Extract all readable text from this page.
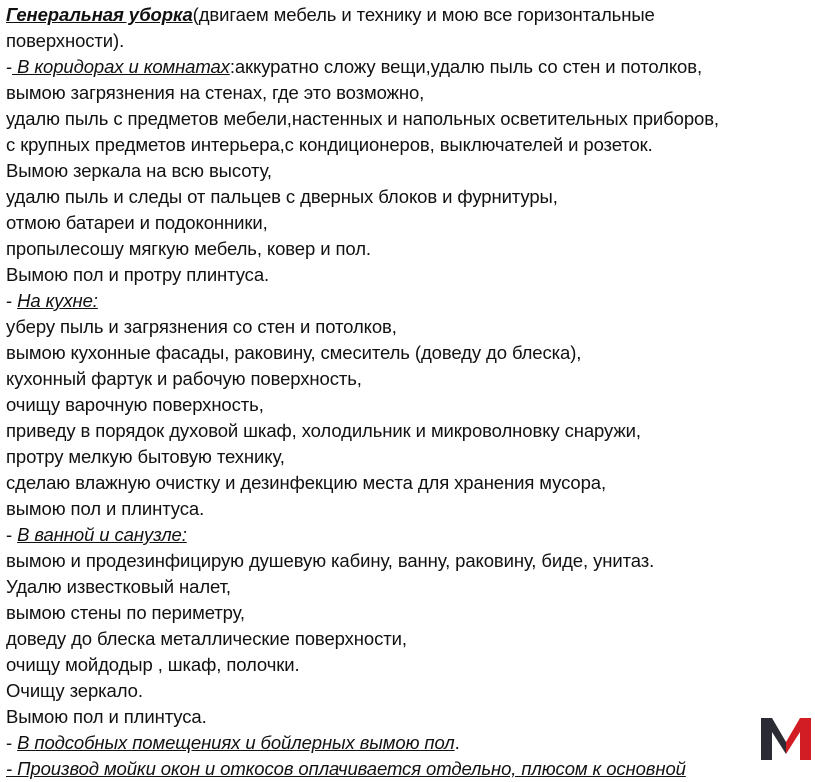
Генеральная уборка(двигаем мебель и технику и мою все горизонтальные
поверхности).
- В коридорах и комнатах:аккуратно сложу вещи,удалю пыль со стен и потолков,
вымою загрязнения на стенах, где это возможно,
удалю пыль с предметов мебели,настенных и напольных осветительных приборов,
с крупных предметов интерьера,с кондиционеров, выключателей и розеток.
Вымою зеркала на всю высоту,
удалю пыль и следы от пальцев с дверных блоков и фурнитуры,
отмою батареи и подоконники,
пропылесошу мягкую мебель, ковер и пол.
Вымою пол и протру плинтуса.
- На кухне:
уберу пыль и загрязнения со стен и потолков,
вымою кухонные фасады, раковину, смеситель (доведу до блеска),
кухонный фартук и рабочую поверхность,
очищу варочную поверхность,
приведу в порядок духовой шкаф, холодильник и микроволновку снаружи,
протру мелкую бытовую технику,
сделаю влажную очистку и дезинфекцию места для хранения мусора,
вымою пол и плинтуса.
- В ванной и санузле:
вымою и продезинфицирую душевую кабину, ванну, раковину, биде, унитаз.
Удалю известковый налет,
вымою стены по периметру,
доведу до блеска металлические поверхности,
очищу мойдодыр , шкаф, полочки.
Очищу зеркало.
Вымою пол и плинтуса.
- В подсобных помещениях и бойлерных вымою пол.
- Производ мойки окон и откосов оплачивается отдельно, плюсом к основной
